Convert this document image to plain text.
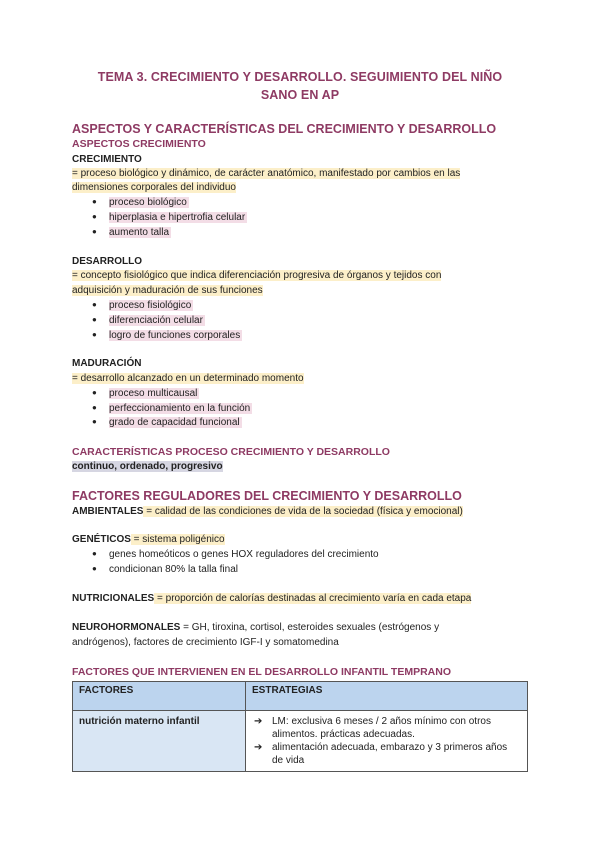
TEMA 3. CRECIMIENTO Y DESARROLLO. SEGUIMIENTO DEL NIÑO
SANO EN AP
ASPECTOS Y CARACTERÍSTICAS DEL CRECIMIENTO Y DESARROLLO
ASPECTOS CRECIMIENTO
CRECIMIENTO
= proceso biológico y dinámico, de carácter anatómico, manifestado por cambios en las
dimensiones corporales del individuo
● proceso biológico
● hiperplasia e hipertrofia celular
● aumento talla
DESARROLLO
= concepto fisiológico que indica diferenciación progresiva de órganos y tejidos con
adquisición y maduración de sus funciones
● proceso fisiológico
● diferenciación celular
● logro de funciones corporales
MADURACIÓN
= desarrollo alcanzado en un determinado momento
● proceso multicausal
● perfeccionamiento en la función
● grado de capacidad funcional
CARACTERÍSTICAS PROCESO CRECIMIENTO Y DESARROLLO
continuo, ordenado, progresivo
FACTORES REGULADORES DEL CRECIMIENTO Y DESARROLLO
AMBIENTALES = calidad de las condiciones de vida de la sociedad (física y emocional)
GENÉTICOS = sistema poligénico
● genes homeóticos o genes HOX reguladores del crecimiento
● condicionan 80% la talla final
NUTRICIONALES = proporción de calorías destinadas al crecimiento varía en cada etapa
NEUROHORMONALES = GH, tiroxina, cortisol, esteroides sexuales (estrógenos y
andrógenos), factores de crecimiento IGF-I y somatomedina
FACTORES QUE INTERVIENEN EN EL DESARROLLO INFANTIL TEMPRANO
FACTORES	ESTRATEGIAS
nutrición materno infantil	➔ LM: exclusiva 6 meses / 2 años mínimo con otros alimentos. prácticas adecuadas.
➔ alimentación adecuada, embarazo y 3 primeros años de vida
